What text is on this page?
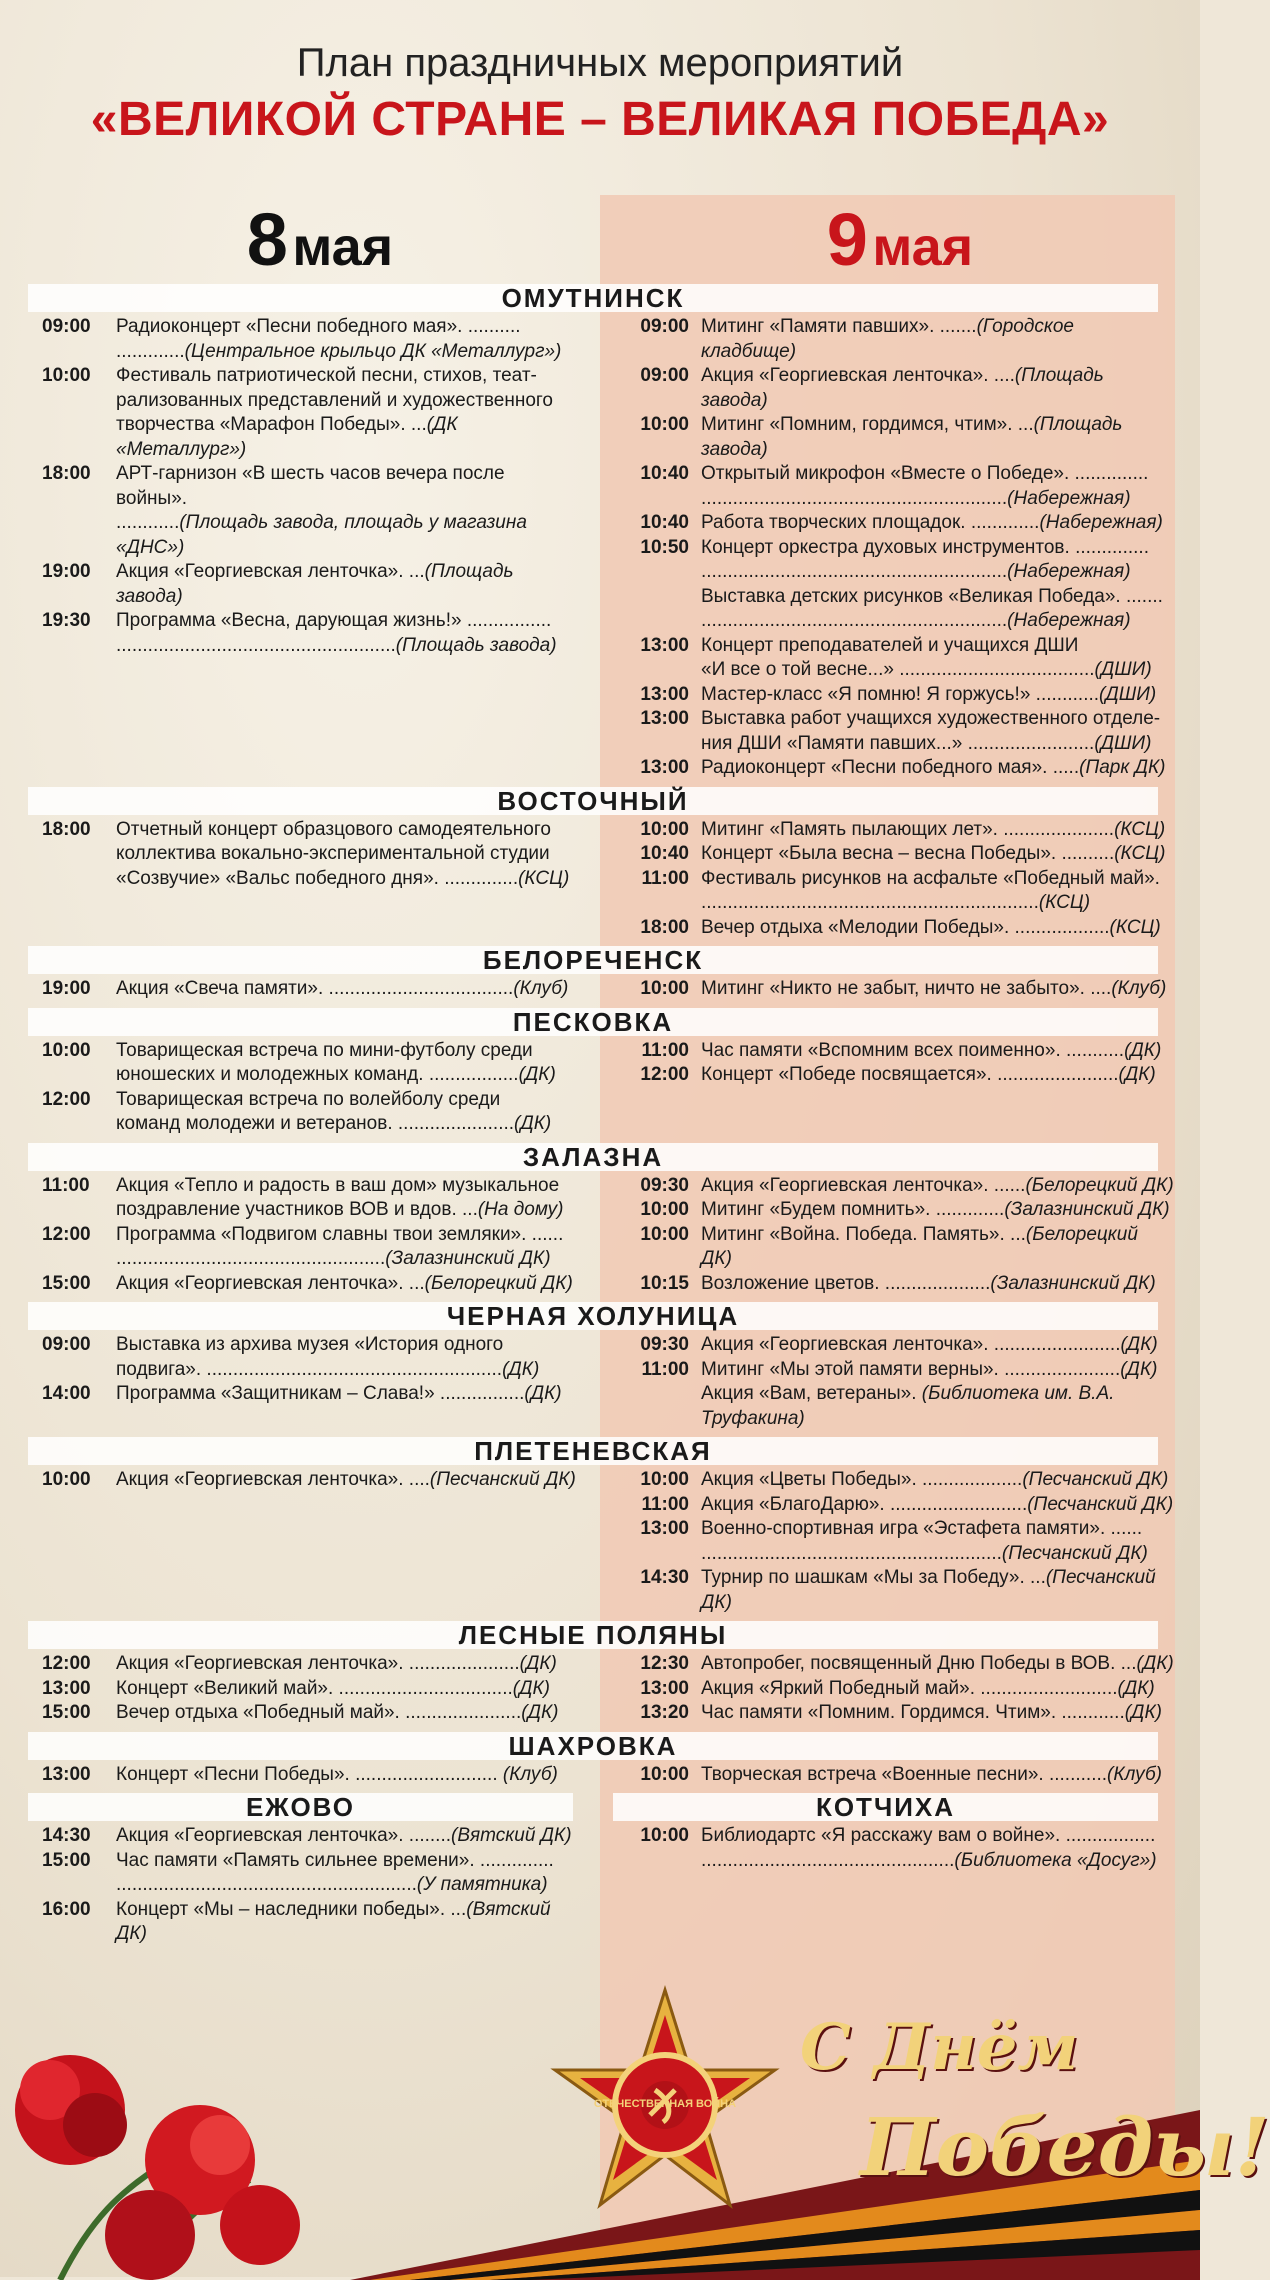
План праздничных мероприятий
«ВЕЛИКОЙ СТРАНЕ – ВЕЛИКАЯ ПОБЕДА»
8 мая	9 мая
ОМУТНИНСК
09:00	Радиоконцерт «Песни победного мая». ..........
.............(Центральное крыльцо ДК «Металлург»)
10:00	Фестиваль патриотической песни, стихов, теат-
рализованных представлений и художественного
творчества «Марафон Победы». ...(ДК «Металлург»)
18:00	АРТ-гарнизон «В шесть часов вечера после войны».
............(Площадь завода, площадь у магазина «ДНС»)
19:00	Акция «Георгиевская ленточка». ...(Площадь завода)
19:30	Программа «Весна, дарующая жизнь!» ................
.....................................................(Площадь завода)
09:00 Митинг «Памяти павших». .......(Городское кладбище)
09:00 Акция «Георгиевская ленточка». ....(Площадь завода)
10:00 Митинг «Помним, гордимся, чтим». ...(Площадь завода)
10:40 Открытый микрофон «Вместе о Победе». ..............
..........................................................(Набережная)
10:40 Работа творческих площадок. .............(Набережная)
10:50 Концерт оркестра духовых инструментов. ..............
..........................................................(Набережная)
Выставка детских рисунков «Великая Победа». .......
..........................................................(Набережная)
13:00 Концерт преподавателей и учащихся ДШИ
«И все о той весне...» .....................................(ДШИ)
13:00 Мастер-класс «Я помню! Я горжусь!» ............(ДШИ)
13:00 Выставка работ учащихся художественного отделе-
ния ДШИ «Памяти павших...» ........................(ДШИ)
13:00 Радиоконцерт «Песни победного мая». .....(Парк ДК)
ВОСТОЧНЫЙ
18:00	Отчетный концерт образцового самодеятельного
коллектива вокально-экспериментальной студии
«Созвучие» «Вальс победного дня». ..............(КСЦ)
10:00 Митинг «Память пылающих лет». .....................(КСЦ)
10:40 Концерт «Была весна – весна Победы». ..........(КСЦ)
11:00 Фестиваль рисунков на асфальте «Победный май».
................................................................(КСЦ)
18:00 Вечер отдыха «Мелодии Победы». ..................(КСЦ)
БЕЛОРЕЧЕНСК
19:00	Акция «Свеча памяти». ...................................(Клуб)	10:00 Митинг «Никто не забыт, ничто не забыто». ....(Клуб)
ПЕСКОВКА
10:00	Товарищеская встреча по мини-футболу среди
юношеских и молодежных команд. .................(ДК)
12:00	Товарищеская встреча по волейболу среди
команд молодежи и ветеранов. ......................(ДК)
11:00 Час памяти «Вспомним всех поименно». ...........(ДК)
12:00 Концерт «Победе посвящается». .......................(ДК)
ЗАЛАЗНА
11:00	Акция «Тепло и радость в ваш дом» музыкальное
поздравление участников ВОВ и вдов. ...(На дому)
12:00	Программа «Подвигом славны твои земляки». ......
...................................................(Залазнинский ДК)
15:00	Акция «Георгиевская ленточка». ...(Белорецкий ДК)
09:30 Акция «Георгиевская ленточка». ......(Белорецкий ДК)
10:00 Митинг «Будем помнить». .............(Залазнинский ДК)
10:00 Митинг «Война. Победа. Память». ...(Белорецкий ДК)
10:15 Возложение цветов. ....................(Залазнинский ДК)
ЧЕРНАЯ ХОЛУНИЦА
09:00	Выставка из архива музея «История одного
подвига». ........................................................(ДК)
14:00	Программа «Защитникам – Слава!» ................(ДК)
09:30 Акция «Георгиевская ленточка». ........................(ДК)
11:00 Митинг «Мы этой памяти верны». ......................(ДК)
Акция «Вам, ветераны». (Библиотека им. В.А. Труфакина)
ПЛЕТЕНЕВСКАЯ
10:00	Акция «Георгиевская ленточка». ....(Песчанский ДК)	10:00 Акция «Цветы Победы». ...................(Песчанский ДК)
11:00 Акция «БлагоДарю». ..........................(Песчанский ДК)
13:00 Военно-спортивная игра «Эстафета памяти». ......
.........................................................(Песчанский ДК)
14:30 Турнир по шашкам «Мы за Победу». ...(Песчанский ДК)
ЛЕСНЫЕ ПОЛЯНЫ
12:00	Акция «Георгиевская ленточка». .....................(ДК)
13:00	Концерт «Великий май». .................................(ДК)
15:00	Вечер отдыха «Победный май». ......................(ДК)
12:30 Автопробег, посвященный Дню Победы в ВОВ. ...(ДК)
13:00 Акция «Яркий Победный май». ..........................(ДК)
13:20 Час памяти «Помним. Гордимся. Чтим». ............(ДК)
ШАХРОВКА
13:00	Концерт «Песни Победы». ........................... (Клуб)	10:00 Творческая встреча «Военные песни». ...........(Клуб)
ЕЖОВО	КОТЧИХА
14:30	Акция «Георгиевская ленточка». ........(Вятский ДК)
15:00	Час памяти «Память сильнее времени». ..............
.........................................................(У памятника)
16:00	Концерт «Мы – наследники победы». ...(Вятский ДК)
10:00 Библиодартс «Я расскажу вам о войне». .................
................................................(Библиотека «Досуг»)
ОТЕЧЕСТВЕННАЯ ВОЙНА
С Днём
Победы!
